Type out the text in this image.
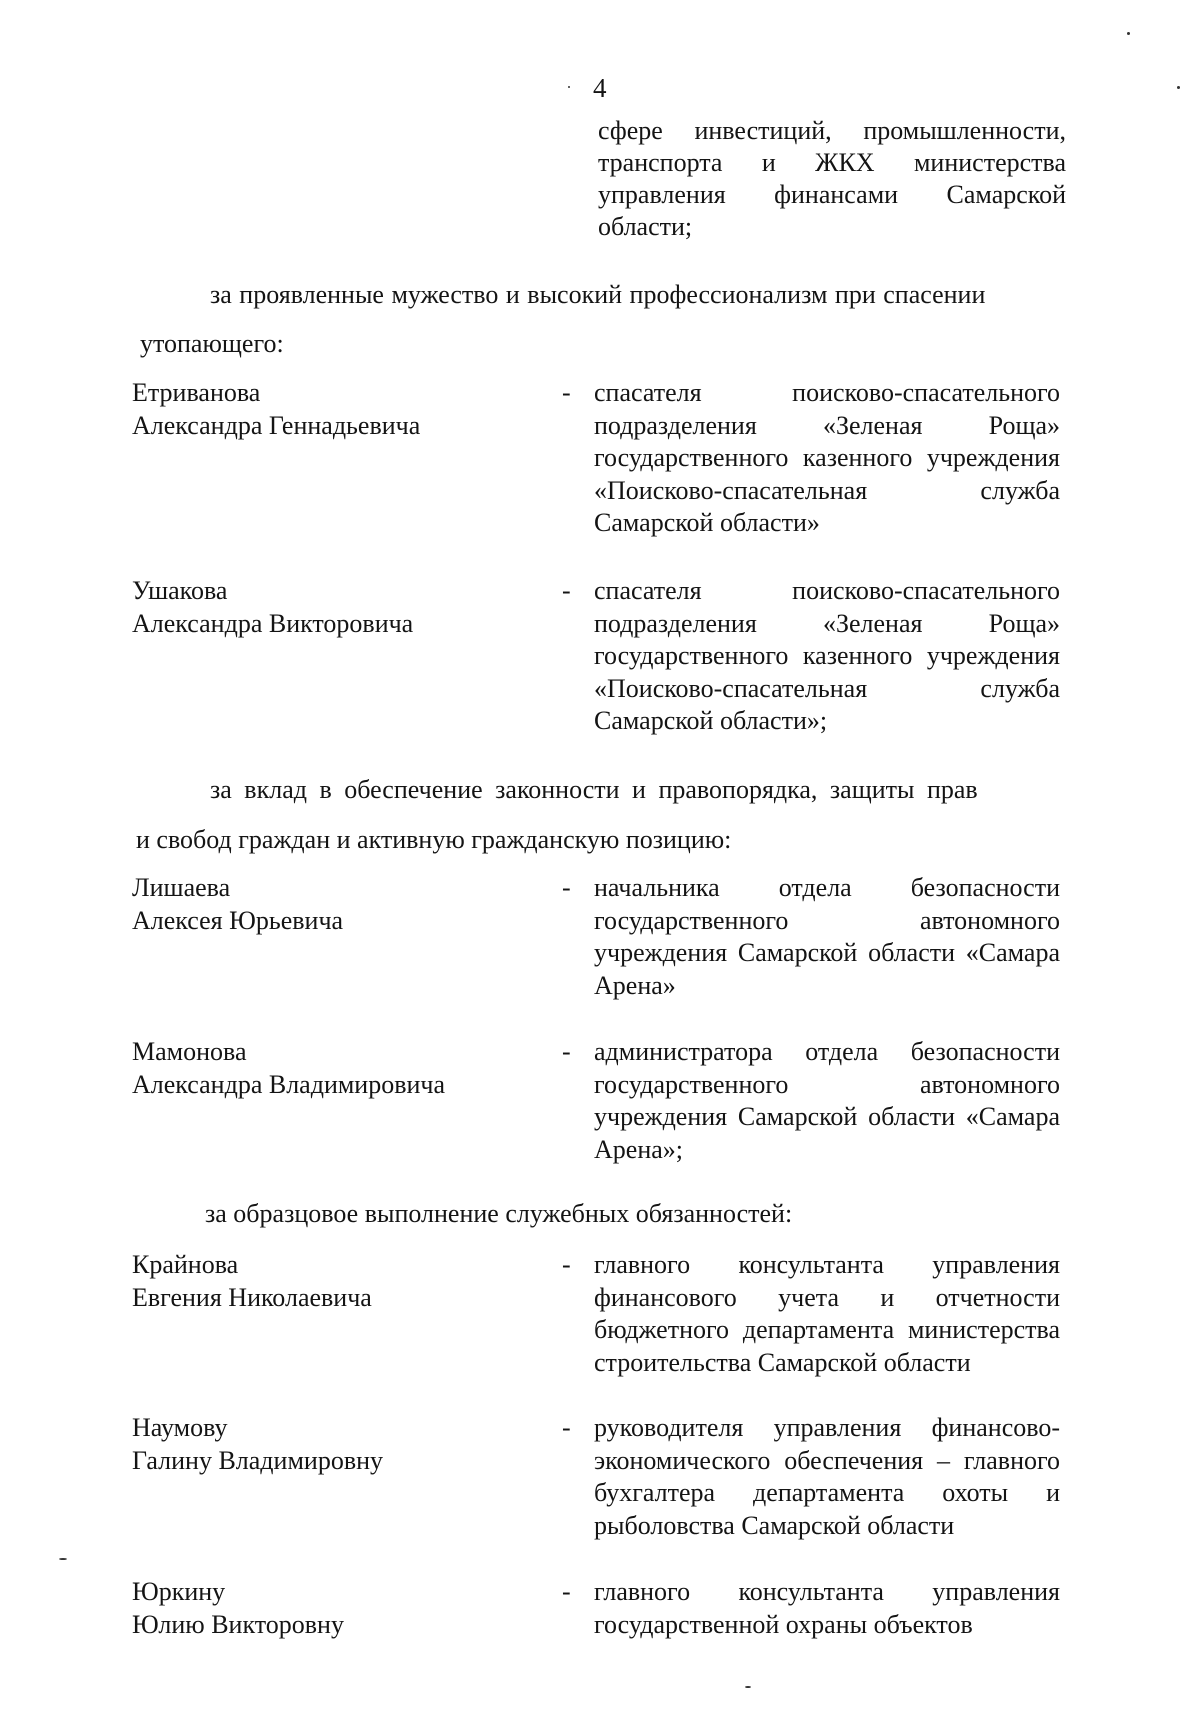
4
сфере инвестиций, промышленности, транспорта и ЖКХ министерства управления финансами Самарской области;
за проявленные мужество и высокий профессионализм при спасении
утопающего:
Етриванова
Александра Геннадьевича
- спасателя поисково-спасательного подразделения «Зеленая Роща» государственного казенного учреждения «Поисково-спасательная служба Самарской области»
Ушакова
Александра Викторовича
- спасателя поисково-спасательного подразделения «Зеленая Роща» государственного казенного учреждения «Поисково-спасательная служба Самарской области»;
за вклад в обеспечение законности и правопорядка, защиты прав
и свобод граждан и активную гражданскую позицию:
Лишаева
Алексея Юрьевича
- начальника отдела безопасности государственного автономного учреждения Самарской области «Самара Арена»
Мамонова
Александра Владимировича
- администратора отдела безопасности государственного автономного учреждения Самарской области «Самара Арена»;
за образцовое выполнение служебных обязанностей:
Крайнова
Евгения Николаевича
- главного консультанта управления финансового учета и отчетности бюджетного департамента министерства строительства Самарской области
Наумову
Галину Владимировну
- руководителя управления финансово-экономического обеспечения – главного бухгалтера департамента охоты и рыболовства Самарской области
Юркину
Юлию Викторовну
- главного консультанта управления государственной охраны объектов
